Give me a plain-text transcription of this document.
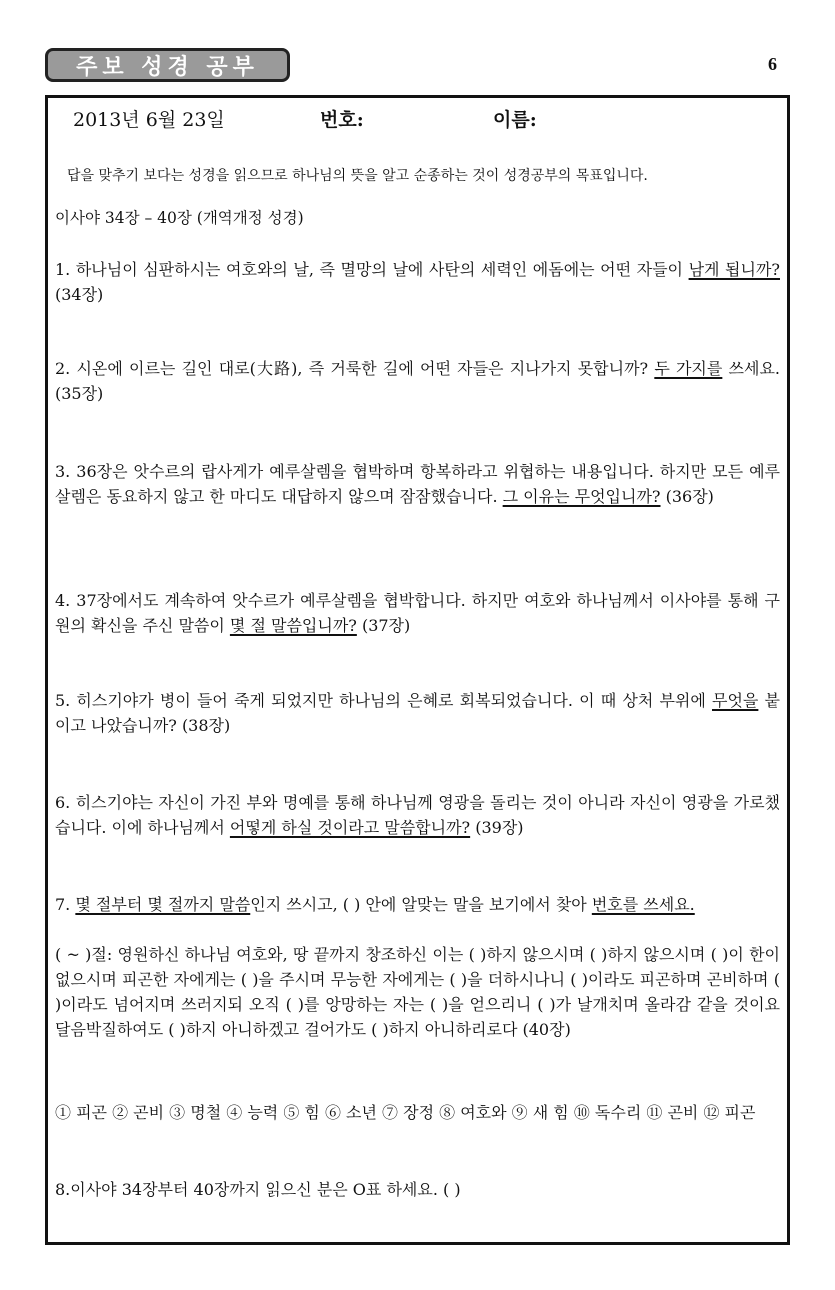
주보 성경 공부	6
2013년 6월 23일	번호:	이름:
답을 맞추기 보다는 성경을 읽으므로 하나님의 뜻을 알고 순종하는 것이 성경공부의 목표입니다.
이사야 34장 – 40장 (개역개정 성경)
1. 하나님이 심판하시는 여호와의 날, 즉 멸망의 날에 사탄의 세력인 에돔에는 어떤 자들이 남게 됩니까? (34장)
2. 시온에 이르는 길인 대로(大路), 즉 거룩한 길에 어떤 자들은 지나가지 못합니까? 두 가지를 쓰세요. (35장)
3. 36장은 앗수르의 랍사게가 예루살렘을 협박하며 항복하라고 위협하는 내용입니다. 하지만 모든 예루살렘은 동요하지 않고 한 마디도 대답하지 않으며 잠잠했습니다. 그 이유는 무엇입니까? (36장)
4. 37장에서도 계속하여 앗수르가 예루살렘을 협박합니다. 하지만 여호와 하나님께서 이사야를 통해 구원의 확신을 주신 말씀이 몇 절 말씀입니까? (37장)
5. 히스기야가 병이 들어 죽게 되었지만 하나님의 은혜로 회복되었습니다. 이 때 상처 부위에 무엇을 붙이고 나았습니까? (38장)
6. 히스기야는 자신이 가진 부와 명예를 통해 하나님께 영광을 돌리는 것이 아니라 자신이 영광을 가로챘습니다. 이에 하나님께서 어떻게 하실 것이라고 말씀합니까? (39장)
7. 몇 절부터 몇 절까지 말씀인지 쓰시고, ( ) 안에 알맞는 말을 보기에서 찾아 번호를 쓰세요.
( ~ )절: 영원하신 하나님 여호와, 땅 끝까지 창조하신 이는 ( )하지 않으시며 ( )하지 않으시며 ( )이 한이 없으시며 피곤한 자에게는 ( )을 주시며 무능한 자에게는 ( )을 더하시나니 ( )이라도 피곤하며 곤비하며 ( )이라도 넘어지며 쓰러지되 오직 ( )를 앙망하는 자는 ( )을 얻으리니 ( )가 날개치며 올라감 같을 것이요 달음박질하여도 ( )하지 아니하겠고 걸어가도 ( )하지 아니하리로다 (40장)
① 피곤 ② 곤비 ③ 명철 ④ 능력 ⑤ 힘 ⑥ 소년 ⑦ 장정 ⑧ 여호와 ⑨ 새 힘 ⑩ 독수리 ⑪ 곤비 ⑫ 피곤
8.이사야 34장부터 40장까지 읽으신 분은 O표 하세요. ( )
